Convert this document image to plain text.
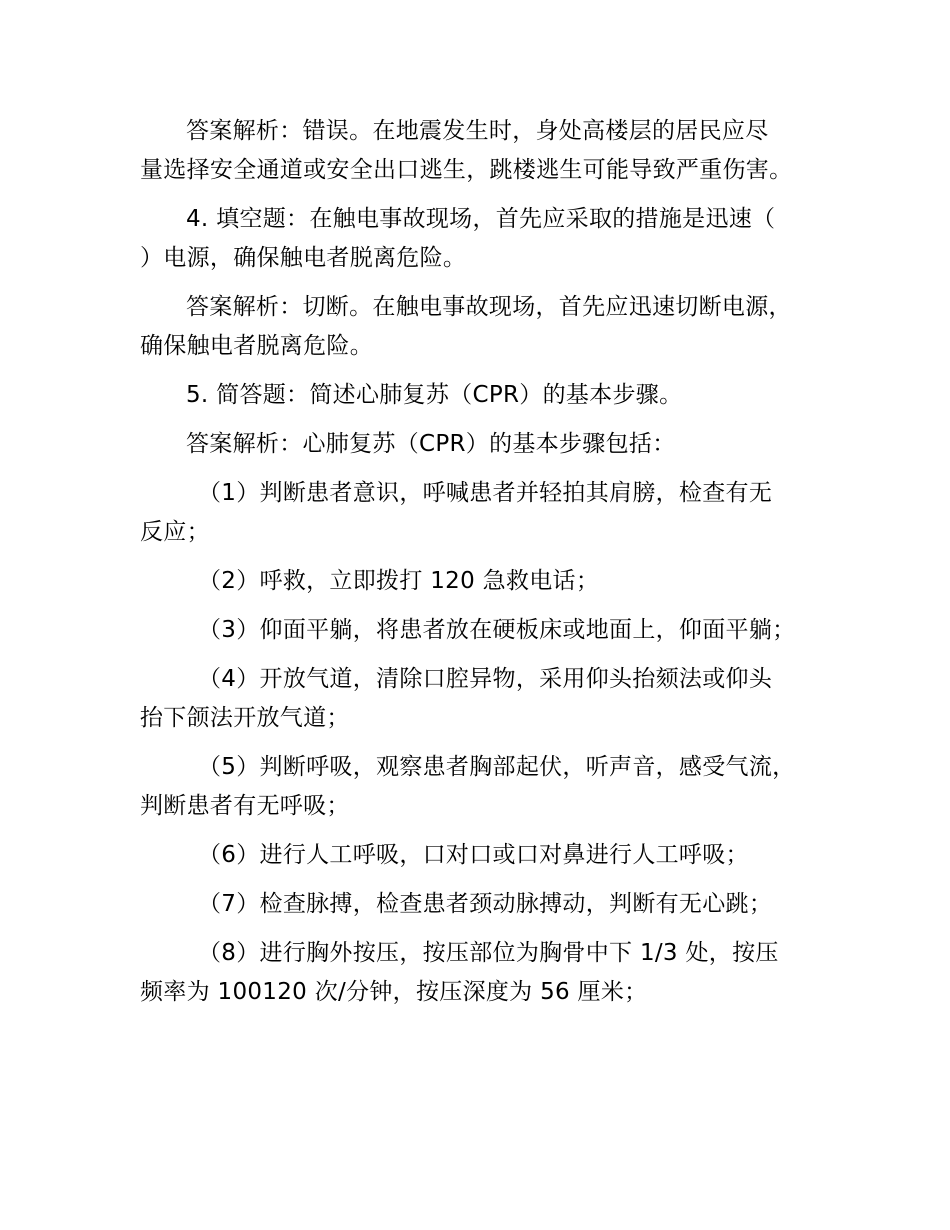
答案解析：错误。在地震发生时，身处高楼层的居民应尽
量选择安全通道或安全出口逃生，跳楼逃生可能导致严重伤害。

4. 填空题：在触电事故现场，首先应采取的措施是迅速（
）电源，确保触电者脱离危险。

答案解析：切断。在触电事故现场，首先应迅速切断电源，
确保触电者脱离危险。

5. 简答题：简述心肺复苏（CPR）的基本步骤。

答案解析：心肺复苏（CPR）的基本步骤包括：

（1）判断患者意识，呼喊患者并轻拍其肩膀，检查有无
反应；

（2）呼救，立即拨打 120 急救电话；

（3）仰面平躺，将患者放在硬板床或地面上，仰面平躺；

（4）开放气道，清除口腔异物，采用仰头抬颏法或仰头
抬下颌法开放气道；

（5）判断呼吸，观察患者胸部起伏，听声音，感受气流，
判断患者有无呼吸；

（6）进行人工呼吸，口对口或口对鼻进行人工呼吸；

（7）检查脉搏，检查患者颈动脉搏动，判断有无心跳；

（8）进行胸外按压，按压部位为胸骨中下 1/3 处，按压
频率为 100120 次/分钟，按压深度为 56 厘米；
